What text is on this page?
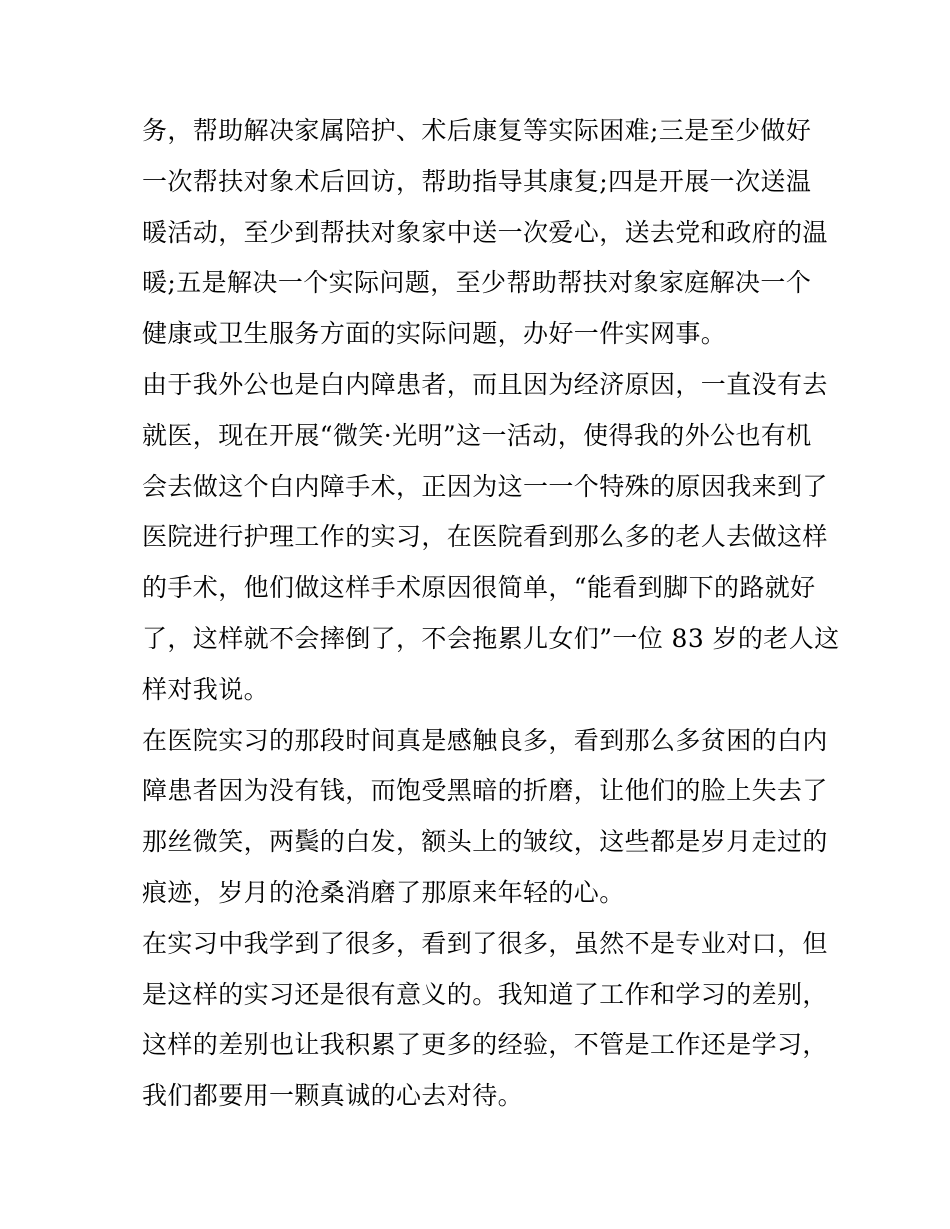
务，帮助解决家属陪护、术后康复等实际困难;三是至少做好
一次帮扶对象术后回访，帮助指导其康复;四是开展一次送温
暖活动，至少到帮扶对象家中送一次爱心，送去党和政府的温
暖;五是解决一个实际问题，至少帮助帮扶对象家庭解决一个
健康或卫生服务方面的实际问题，办好一件实网事。
由于我外公也是白内障患者，而且因为经济原因，一直没有去
就医，现在开展“微笑·光明”这一活动，使得我的外公也有机
会去做这个白内障手术，正因为这一一个特殊的原因我来到了
医院进行护理工作的实习，在医院看到那么多的老人去做这样
的手术，他们做这样手术原因很简单，“能看到脚下的路就好
了，这样就不会摔倒了，不会拖累儿女们”一位 83 岁的老人这
样对我说。
在医院实习的那段时间真是感触良多，看到那么多贫困的白内
障患者因为没有钱，而饱受黑暗的折磨，让他们的脸上失去了
那丝微笑，两鬓的白发，额头上的皱纹，这些都是岁月走过的
痕迹，岁月的沧桑消磨了那原来年轻的心。
在实习中我学到了很多，看到了很多，虽然不是专业对口，但
是这样的实习还是很有意义的。我知道了工作和学习的差别，
这样的差别也让我积累了更多的经验，不管是工作还是学习，
我们都要用一颗真诚的心去对待。
